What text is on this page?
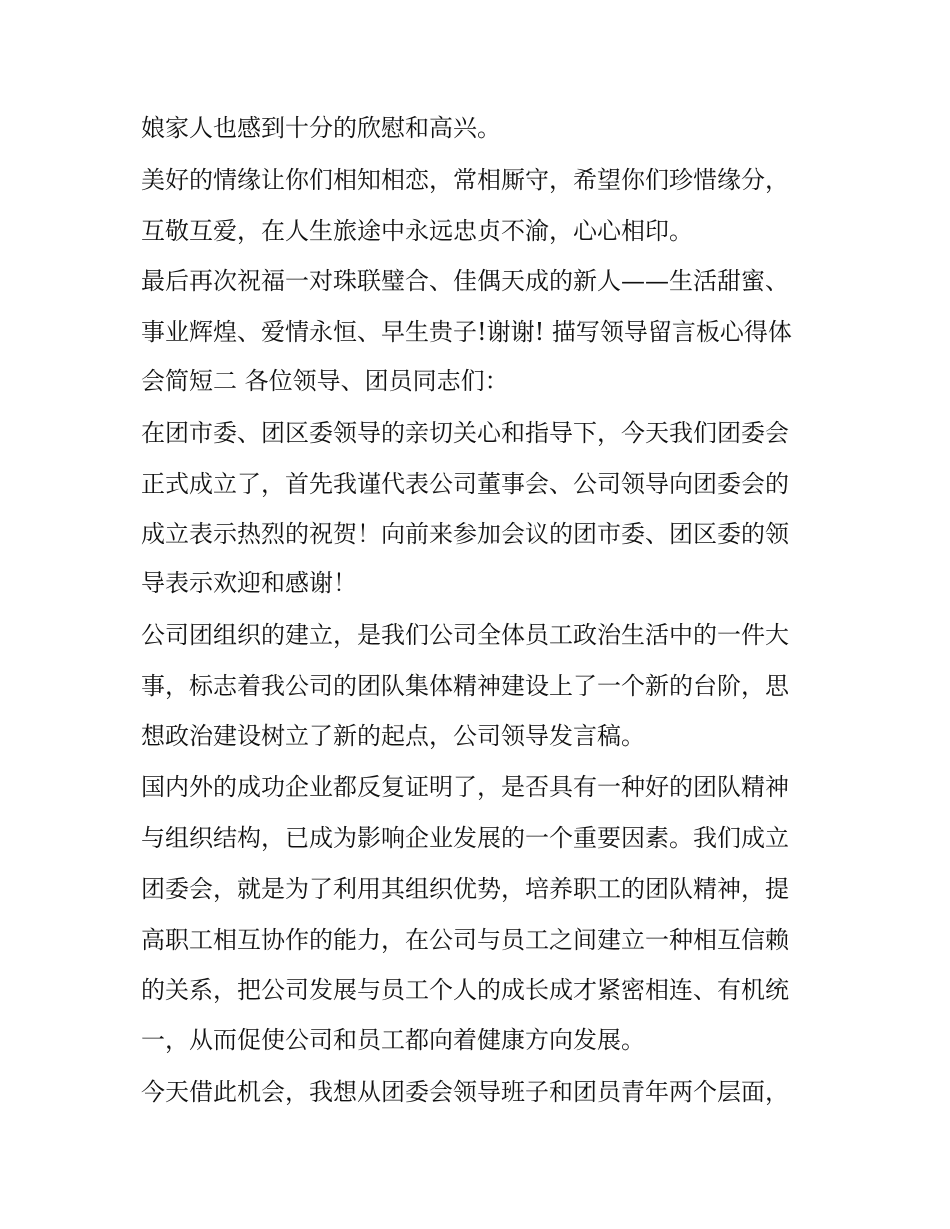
娘家人也感到十分的欣慰和高兴。
美好的情缘让你们相知相恋，常相厮守，希望你们珍惜缘分，
互敬互爱，在人生旅途中永远忠贞不渝，心心相印。
最后再次祝福一对珠联璧合、佳偶天成的新人——生活甜蜜、
事业辉煌、爱情永恒、早生贵子!谢谢! 描写领导留言板心得体
会简短二 各位领导、团员同志们：
在团市委、团区委领导的亲切关心和指导下，今天我们团委会
正式成立了，首先我谨代表公司董事会、公司领导向团委会的
成立表示热烈的祝贺！向前来参加会议的团市委、团区委的领
导表示欢迎和感谢！
公司团组织的建立，是我们公司全体员工政治生活中的一件大
事，标志着我公司的团队集体精神建设上了一个新的台阶，思
想政治建设树立了新的起点，公司领导发言稿。
国内外的成功企业都反复证明了，是否具有一种好的团队精神
与组织结构，已成为影响企业发展的一个重要因素。我们成立
团委会，就是为了利用其组织优势，培养职工的团队精神，提
高职工相互协作的能力，在公司与员工之间建立一种相互信赖
的关系，把公司发展与员工个人的成长成才紧密相连、有机统
一，从而促使公司和员工都向着健康方向发展。
今天借此机会，我想从团委会领导班子和团员青年两个层面，
